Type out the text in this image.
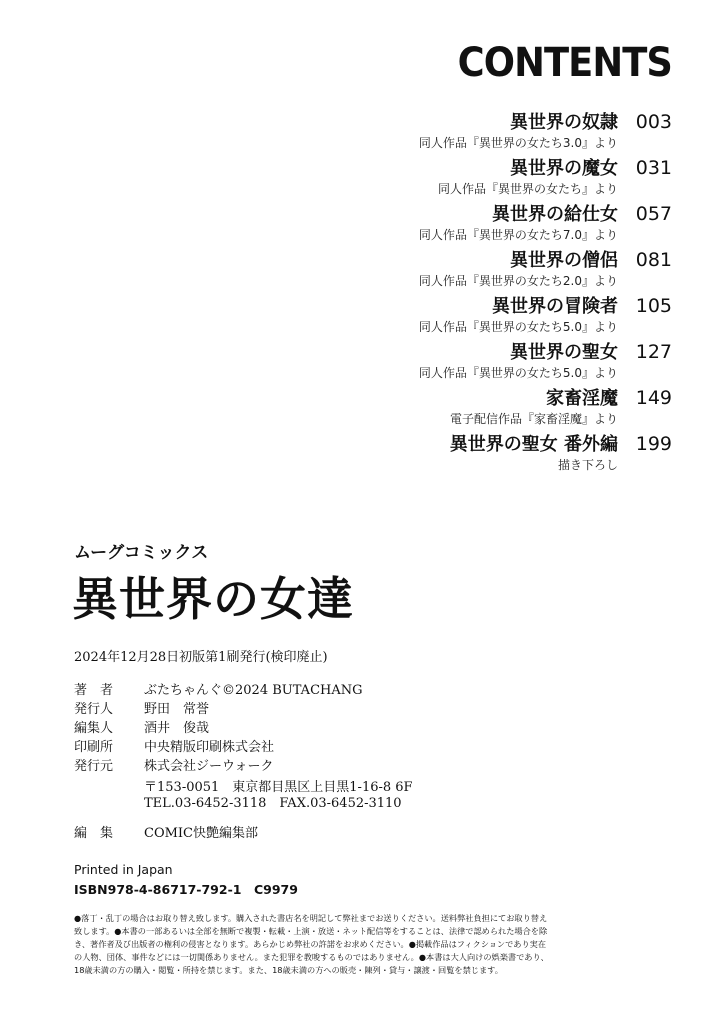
CONTENTS
異世界の奴隷 003
同人作品『異世界の女たち3.0』より
異世界の魔女 031
同人作品『異世界の女たち』より
異世界の給仕女 057
同人作品『異世界の女たち7.0』より
異世界の僧侶 081
同人作品『異世界の女たち2.0』より
異世界の冒険者 105
同人作品『異世界の女たち5.0』より
異世界の聖女 127
同人作品『異世界の女たち5.0』より
家畜淫魔 149
電子配信作品『家畜淫魔』より
異世界の聖女 番外編 199
描き下ろし
ムーグコミックス
異世界の女達
2024年12月28日初版第1刷発行(検印廃止)
著　者	ぶたちゃんぐ©2024 BUTACHANG
発行人	野田　常誉
編集人	酒井　俊哉
印刷所	中央精版印刷株式会社
発行元	株式会社ジーウォーク
〒153-0051　東京都目黒区上目黒1-16-8 6F
TEL.03-6452-3118　FAX.03-6452-3110
編　集	COMIC快艶編集部
Printed in Japan
ISBN978-4-86717-792-1　C9979
●落丁・乱丁の場合はお取り替え致します。購入された書店名を明記して弊社までお送りください。送料弊社負担にてお取り替え致します。●本書の一部あるいは全部を無断で複製・転載・上演・放送・ネット配信等をすることは、法律で認められた場合を除き、著作者及び出版者の権利の侵害となります。あらかじめ弊社の許諾をお求めください。●掲載作品はフィクションであり実在の人物、団体、事件などには一切関係ありません。また犯罪を教唆するものではありません。●本書は大人向けの娯楽書であり、18歳未満の方の購入・閲覧・所持を禁じます。また、18歳未満の方への販売・陳列・貸与・譲渡・回覧を禁じます。
